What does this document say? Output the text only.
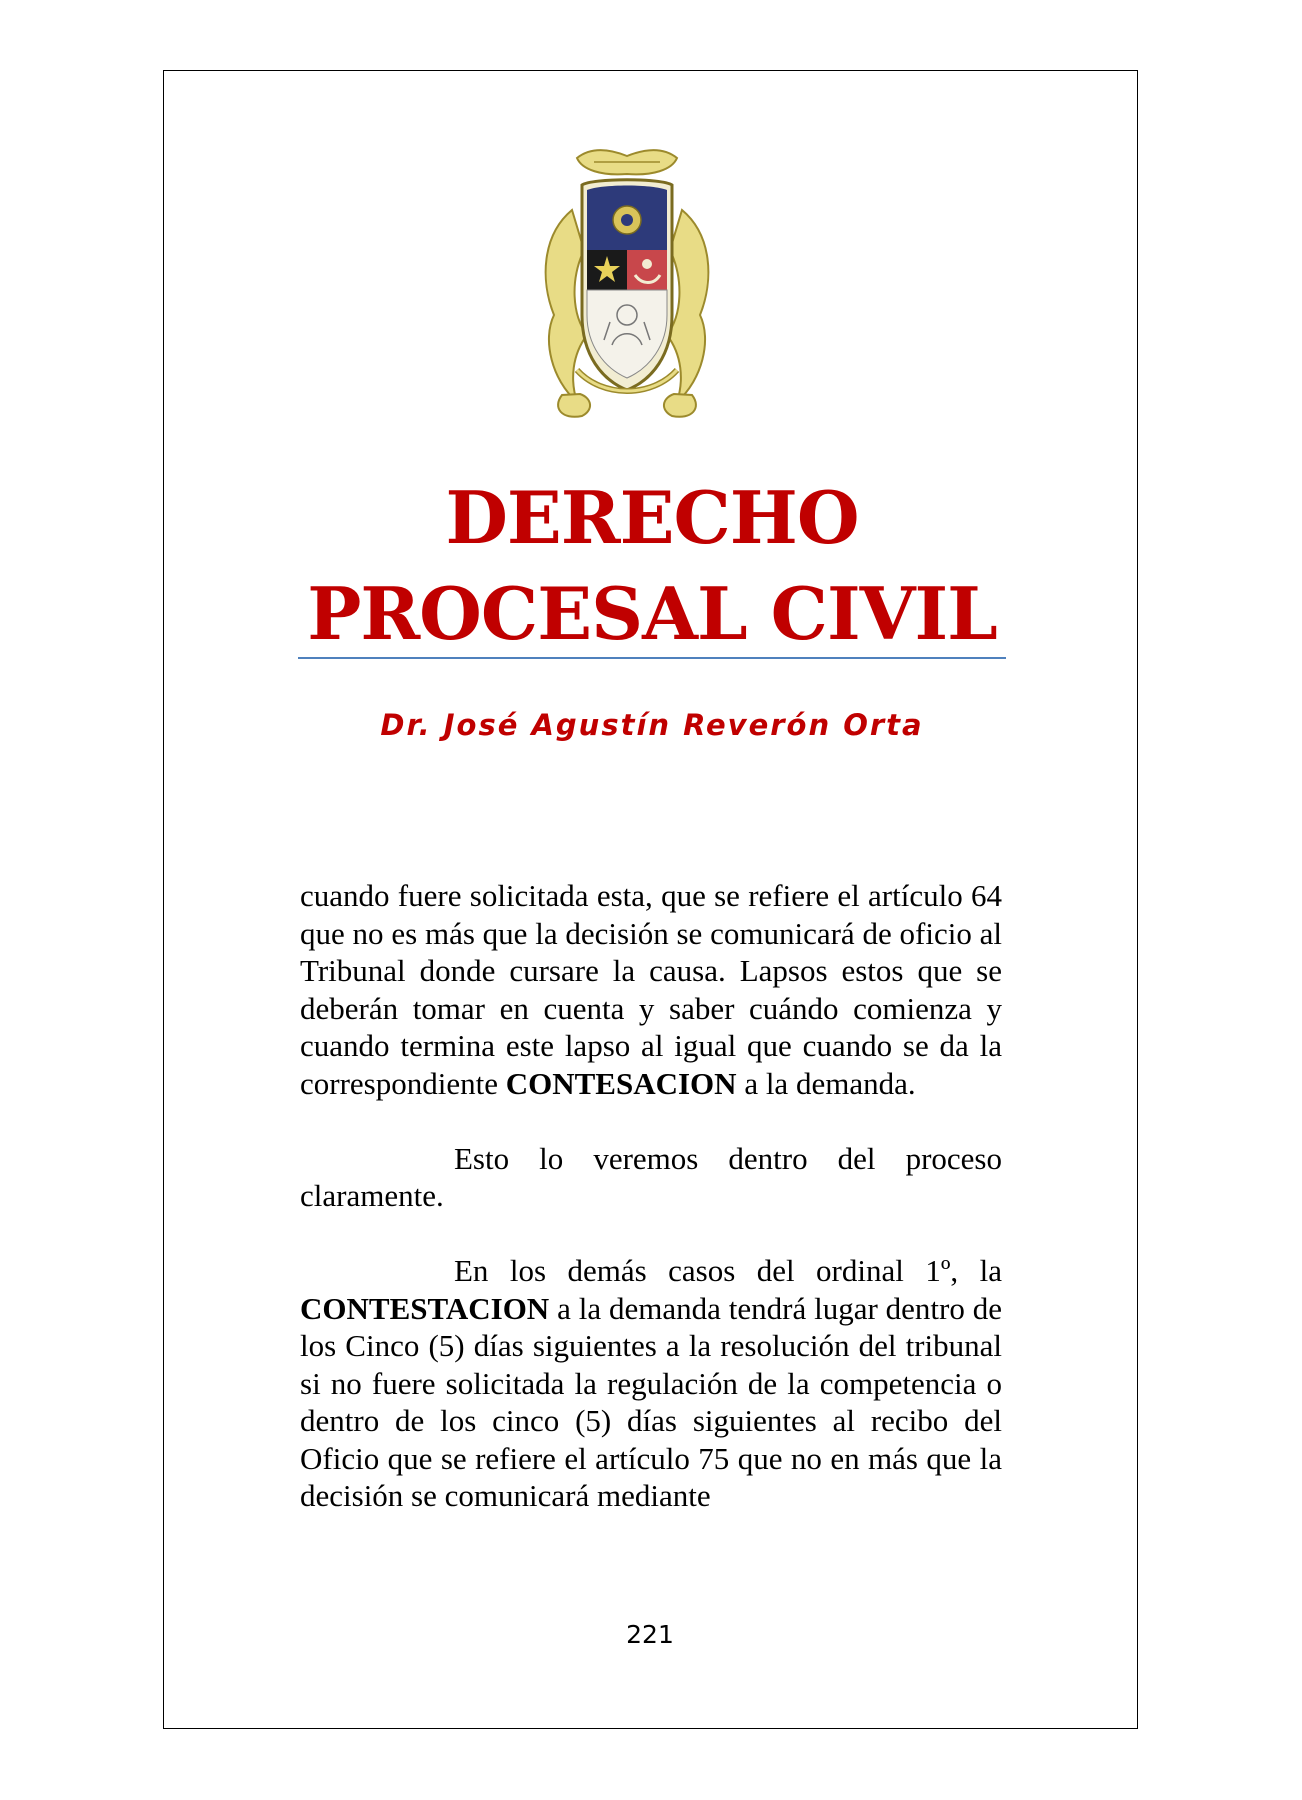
DERECHO
PROCESAL CIVIL
Dr. José Agustín Reverón Orta

cuando fuere solicitada esta, que se refiere el artículo 64 que no es más que la decisión se comunicará de oficio al Tribunal donde cursare la causa. Lapsos estos que se deberán tomar en cuenta y saber cuándo comienza y cuando termina este lapso al igual que cuando se da la correspondiente CONTESACION a la demanda.

Esto lo veremos dentro del proceso claramente.

En los demás casos del ordinal 1º, la CONTESTACION a la demanda tendrá lugar dentro de los Cinco (5) días siguientes a la resolución del tribunal si no fuere solicitada la regulación de la competencia o dentro de los cinco (5) días siguientes al recibo del Oficio que se refiere el artículo 75 que no en más que la decisión se comunicará mediante

221
